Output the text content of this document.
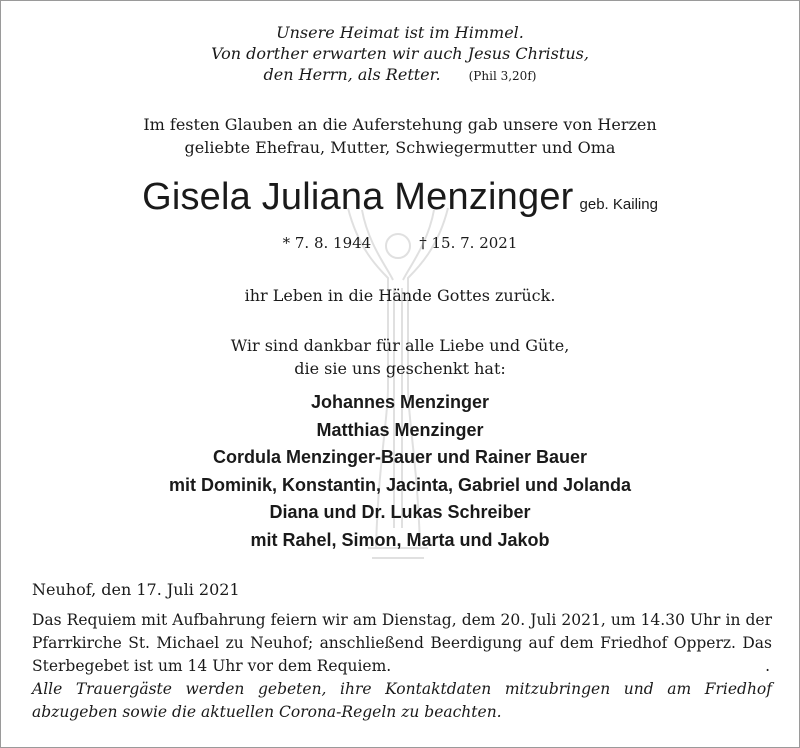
Unsere Heimat ist im Himmel.
Von dorther erwarten wir auch Jesus Christus,
den Herrn, als Retter. (Phil 3,20f)
Im festen Glauben an die Auferstehung gab unsere von Herzen
geliebte Ehefrau, Mutter, Schwiegermutter und Oma
Gisela Juliana Menzinger geb. Kailing
* 7. 8. 1944	† 15. 7. 2021
ihr Leben in die Hände Gottes zurück.
Wir sind dankbar für alle Liebe und Güte,
die sie uns geschenkt hat:
Johannes Menzinger
Matthias Menzinger
Cordula Menzinger-Bauer und Rainer Bauer
mit Dominik, Konstantin, Jacinta, Gabriel und Jolanda
Diana und Dr. Lukas Schreiber
mit Rahel, Simon, Marta und Jakob
Neuhof, den 17. Juli 2021
Das Requiem mit Aufbahrung feiern wir am Dienstag, dem 20. Juli 2021, um 14.30 Uhr in der Pfarrkirche St. Michael zu Neuhof; anschließend Beerdigung auf dem Friedhof Opperz. Das Sterbegebet ist um 14 Uhr vor dem Requiem.	.
Alle Trauergäste werden gebeten, ihre Kontaktdaten mitzubringen und am Friedhof abzugeben sowie die aktuellen Corona-Regeln zu beachten.
